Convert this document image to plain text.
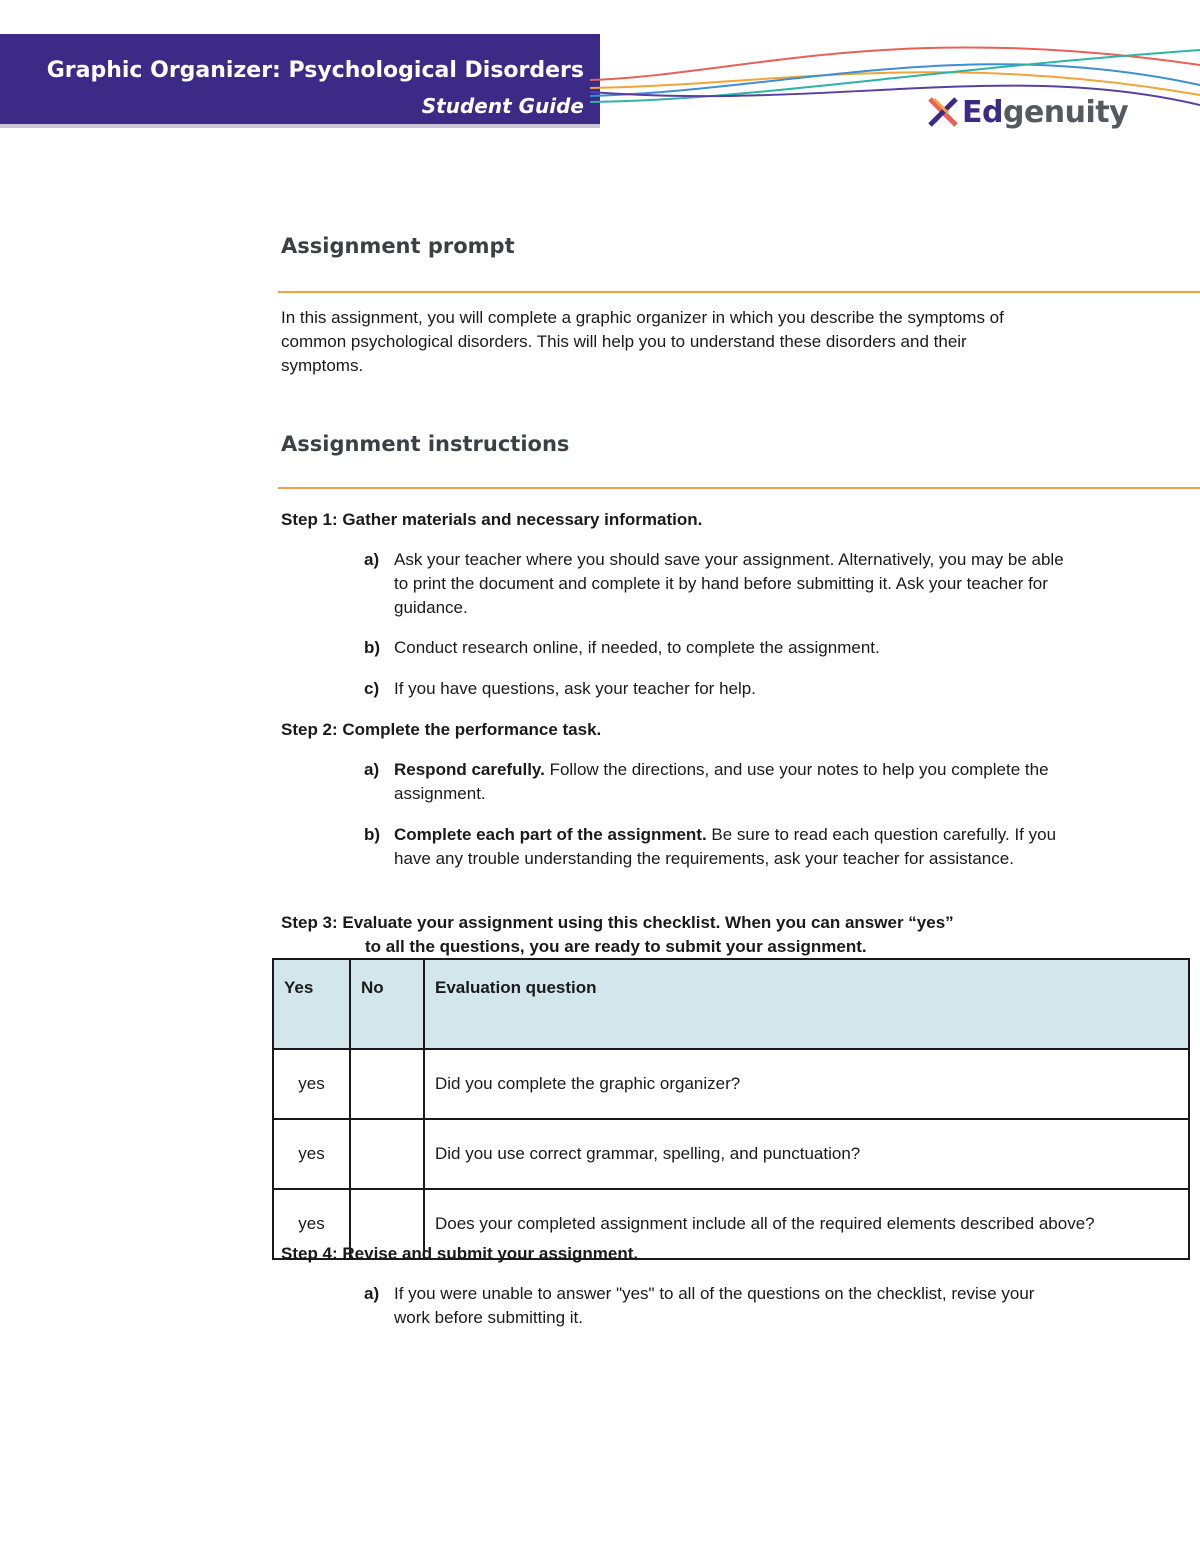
Graphic Organizer: Psychological Disorders
Student Guide	Edgenuity
Assignment prompt
In this assignment, you will complete a graphic organizer in which you describe the symptoms of common psychological disorders. This will help you to understand these disorders and their symptoms.
Assignment instructions
Step 1: Gather materials and necessary information.
a) Ask your teacher where you should save your assignment. Alternatively, you may be able to print the document and complete it by hand before submitting it. Ask your teacher for guidance.
b) Conduct research online, if needed, to complete the assignment.
c) If you have questions, ask your teacher for help.
Step 2: Complete the performance task.
a) Respond carefully. Follow the directions, and use your notes to help you complete the assignment.
b) Complete each part of the assignment. Be sure to read each question carefully. If you have any trouble understanding the requirements, ask your teacher for assistance.
Step 3: Evaluate your assignment using this checklist. When you can answer “yes”
to all the questions, you are ready to submit your assignment.
Yes	No	Evaluation question
yes		Did you complete the graphic organizer?
yes		Did you use correct grammar, spelling, and punctuation?
yes		Does your completed assignment include all of the required elements described above?
Step 4: Revise and submit your assignment.
a) If you were unable to answer "yes" to all of the questions on the checklist, revise your work before submitting it.
